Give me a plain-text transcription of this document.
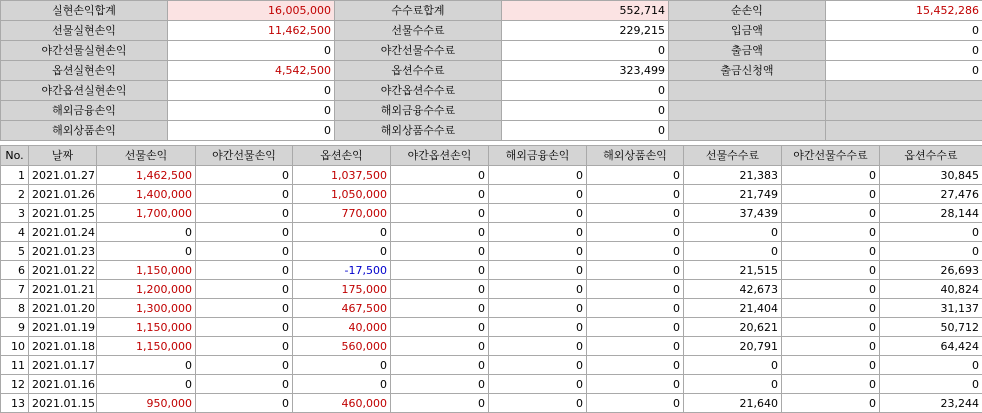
실현손익합계	16,005,000	수수료합계	552,714	순손익	15,452,286
선물실현손익	11,462,500	선물수수료	229,215	입금액	0
야간선물실현손익	0	야간선물수수료	0	출금액	0
옵션실현손익	4,542,500	옵션수수료	323,499	출금신청액	0
야간옵션실현손익	0	야간옵션수수료	0		
해외금융손익	0	해외금융수수료	0		
해외상품손익	0	해외상품수수료	0		
No.	날짜	선물손익	야간선물손익	옵션손익	야간옵션손익	해외금융손익	해외상품손익	선물수수료	야간선물수수료	옵션수수료
1	2021.01.27	1,462,500	0	1,037,500	0	0	0	21,383	0	30,845
2	2021.01.26	1,400,000	0	1,050,000	0	0	0	21,749	0	27,476
3	2021.01.25	1,700,000	0	770,000	0	0	0	37,439	0	28,144
4	2021.01.24	0	0	0	0	0	0	0	0	0
5	2021.01.23	0	0	0	0	0	0	0	0	0
6	2021.01.22	1,150,000	0	-17,500	0	0	0	21,515	0	26,693
7	2021.01.21	1,200,000	0	175,000	0	0	0	42,673	0	40,824
8	2021.01.20	1,300,000	0	467,500	0	0	0	21,404	0	31,137
9	2021.01.19	1,150,000	0	40,000	0	0	0	20,621	0	50,712
10	2021.01.18	1,150,000	0	560,000	0	0	0	20,791	0	64,424
11	2021.01.17	0	0	0	0	0	0	0	0	0
12	2021.01.16	0	0	0	0	0	0	0	0	0
13	2021.01.15	950,000	0	460,000	0	0	0	21,640	0	23,244
